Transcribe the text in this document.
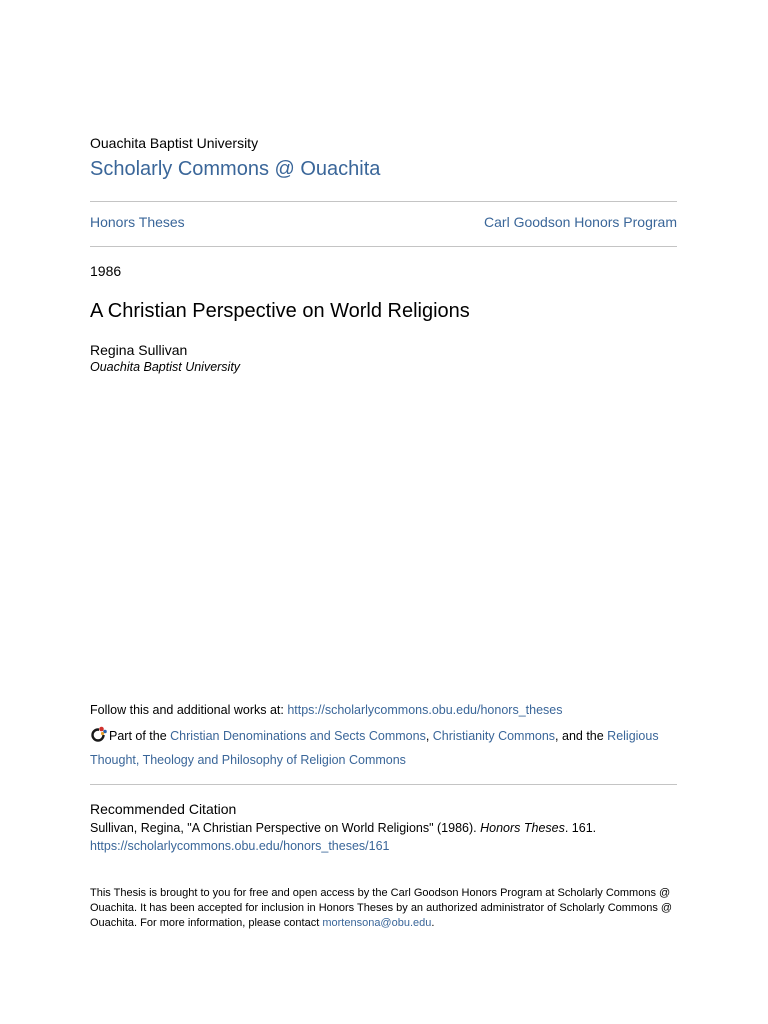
Ouachita Baptist University
Scholarly Commons @ Ouachita
Honors Theses	Carl Goodson Honors Program
1986
A Christian Perspective on World Religions
Regina Sullivan
Ouachita Baptist University
Follow this and additional works at: https://scholarlycommons.obu.edu/honors_theses
Part of the Christian Denominations and Sects Commons, Christianity Commons, and the Religious Thought, Theology and Philosophy of Religion Commons
Recommended Citation
Sullivan, Regina, "A Christian Perspective on World Religions" (1986). Honors Theses. 161.
https://scholarlycommons.obu.edu/honors_theses/161
This Thesis is brought to you for free and open access by the Carl Goodson Honors Program at Scholarly Commons @ Ouachita. It has been accepted for inclusion in Honors Theses by an authorized administrator of Scholarly Commons @ Ouachita. For more information, please contact mortensona@obu.edu.
